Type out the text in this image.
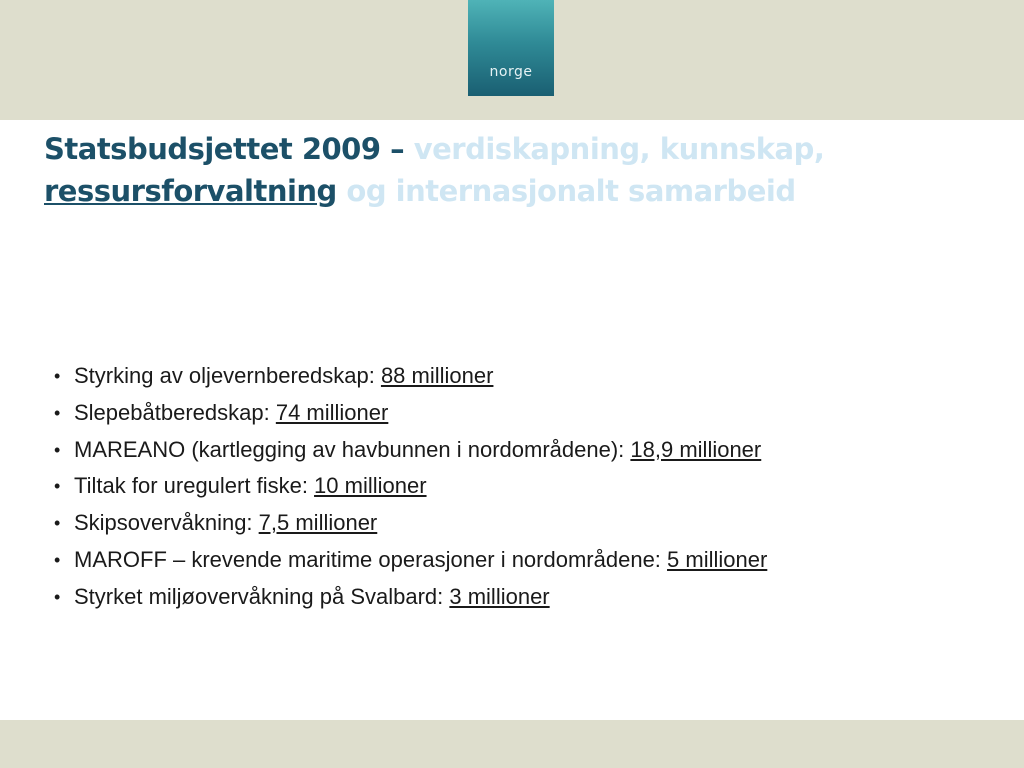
norge
Statsbudsjettet 2009 – verdiskapning, kunnskap,
ressursforvaltning og internasjonalt samarbeid
• Styrking av oljevernberedskap: 88 millioner
• Slepebåtberedskap: 74 millioner
• MAREANO (kartlegging av havbunnen i nordområdene): 18,9 millioner
• Tiltak for uregulert fiske: 10 millioner
• Skipsovervåkning: 7,5 millioner
• MAROFF – krevende maritime operasjoner i nordområdene: 5 millioner
• Styrket miljøovervåkning på Svalbard: 3 millioner
